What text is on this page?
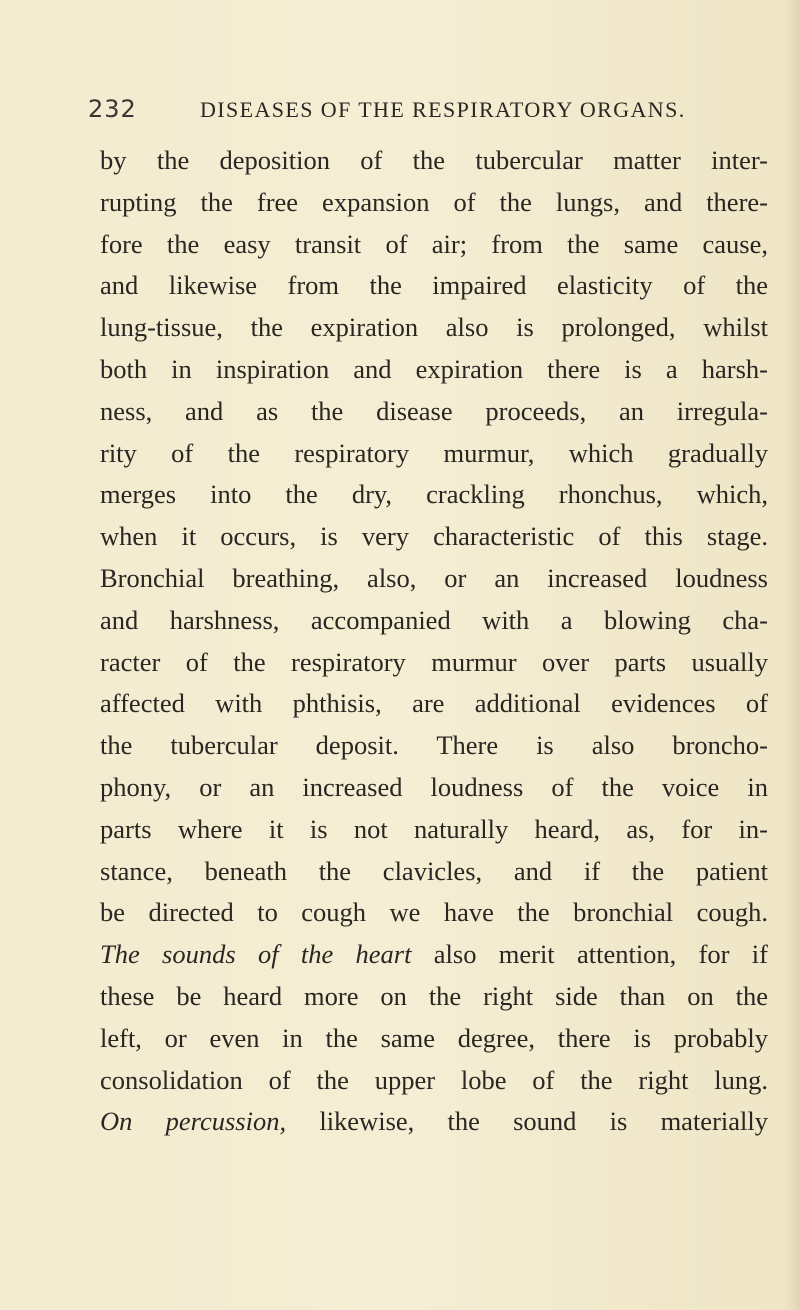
232	DISEASES OF THE RESPIRATORY ORGANS.
by the deposition of the tubercular matter inter-
rupting the free expansion of the lungs, and there-
fore the easy transit of air; from the same cause,
and likewise from the impaired elasticity of the
lung-tissue, the expiration also is prolonged, whilst
both in inspiration and expiration there is a harsh-
ness, and as the disease proceeds, an irregula-
rity of the respiratory murmur, which gradually
merges into the dry, crackling rhonchus, which,
when it occurs, is very characteristic of this stage.
Bronchial breathing, also, or an increased loudness
and harshness, accompanied with a blowing cha-
racter of the respiratory murmur over parts usually
affected with phthisis, are additional evidences of
the tubercular deposit. There is also broncho-
phony, or an increased loudness of the voice in
parts where it is not naturally heard, as, for in-
stance, beneath the clavicles, and if the patient
be directed to cough we have the bronchial cough.
The sounds of the heart also merit attention, for if
these be heard more on the right side than on the
left, or even in the same degree, there is probably
consolidation of the upper lobe of the right lung.
On percussion, likewise, the sound is materially
